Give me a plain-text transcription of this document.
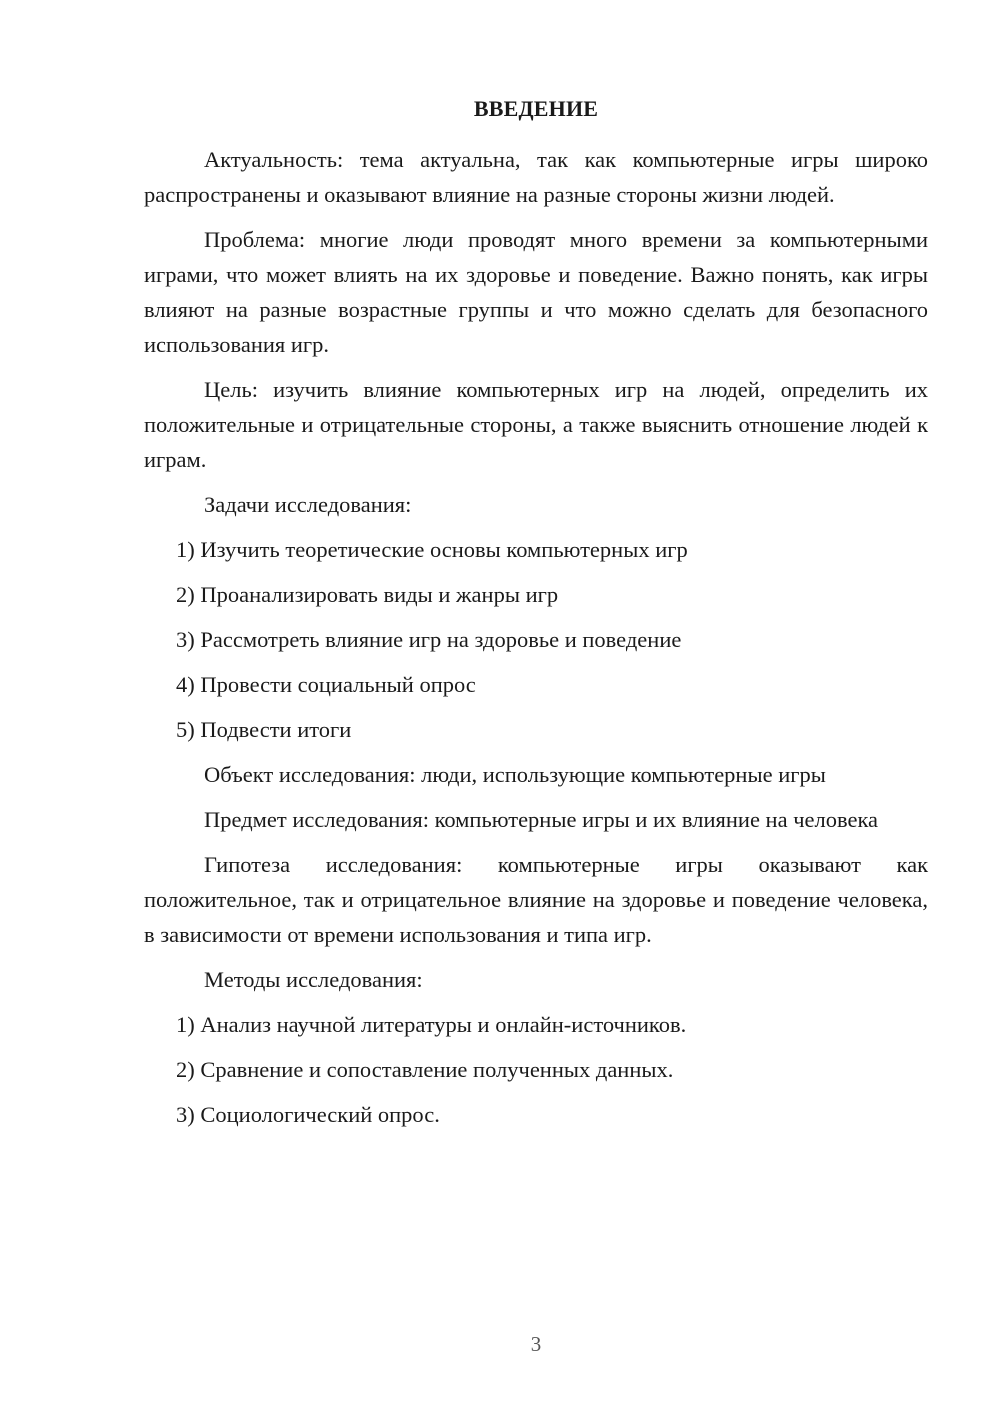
ВВЕДЕНИЕ

Актуальность: тема актуальна, так как компьютерные игры широко распространены и оказывают влияние на разные стороны жизни людей.

Проблема: многие люди проводят много времени за компьютерными играми, что может влиять на их здоровье и поведение. Важно понять, как игры влияют на разные возрастные группы и что можно сделать для безопасного использования игр.

Цель: изучить влияние компьютерных игр на людей, определить их положительные и отрицательные стороны, а также выяснить отношение людей к играм.

Задачи исследования:

1) Изучить теоретические основы компьютерных игр

2) Проанализировать виды и жанры игр

3) Рассмотреть влияние игр на здоровье и поведение

4) Провести социальный опрос

5) Подвести итоги

Объект исследования: люди, использующие компьютерные игры

Предмет исследования: компьютерные игры и их влияние на человека

Гипотеза исследования: компьютерные игры оказывают как положительное, так и отрицательное влияние на здоровье и поведение человека, в зависимости от времени использования и типа игр.

Методы исследования:

1) Анализ научной литературы и онлайн-источников.

2) Сравнение и сопоставление полученных данных.

3) Социологический опрос.

3
